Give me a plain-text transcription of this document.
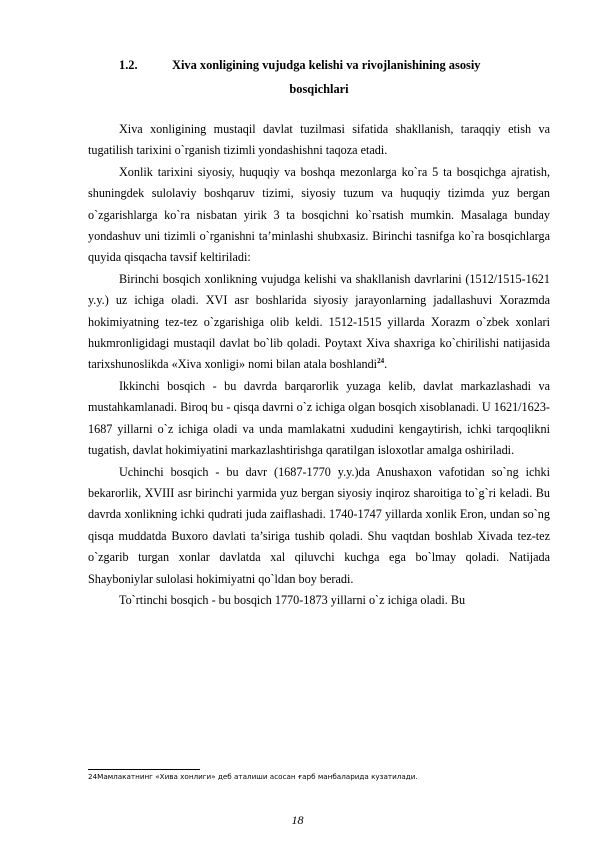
1.2.	Xiva xonligining vujudga kelishi va rivojlanishining asosiy
bosqichlari

Xiva xonligining mustaqil davlat tuzilmasi sifatida shakllanish, taraqqiy etish va tugatilish tarixini o`rganish tizimli yondashishni taqoza etadi.

Xonlik tarixini siyosiy, huquqiy va boshqa mezonlarga ko`ra 5 ta bosqichga ajratish, shuningdek sulolaviy boshqaruv tizimi, siyosiy tuzum va huquqiy tizimda yuz bergan o`zgarishlarga ko`ra nisbatan yirik 3 ta bosqichni ko`rsatish mumkin. Masalaga bunday yondashuv uni tizimli o`rganishni ta’minlashi shubxasiz. Birinchi tasnifga ko`ra bosqichlarga quyida qisqacha tavsif keltiriladi:

Birinchi bosqich xonlikning vujudga kelishi va shakllanish davrlarini (1512/1515-1621 y.y.) uz ichiga oladi. XVI asr boshlarida siyosiy jarayonlarning jadallashuvi Xorazmda hokimiyatning tez-tez o`zgarishiga olib keldi. 1512-1515 yillarda Xorazm o`zbek xonlari hukmronligidagi mustaqil davlat bo`lib qoladi. Poytaxt Xiva shaxriga ko`chirilishi natijasida tarixshunoslikda «Xiva xonligi» nomi bilan atala boshlandi$^{24}$.

Ikkinchi bosqich - bu davrda barqarorlik yuzaga kelib, davlat markazlashadi va mustahkamlanadi. Biroq bu - qisqa davrni o`z ichiga olgan bosqich xisoblanadi. U 1621/1623-1687 yillarni o`z ichiga oladi va unda mamlakatni xududini kengaytirish, ichki tarqoqlikni tugatish, davlat hokimiyatini markazlashtirishga qaratilgan isloxotlar amalga oshiriladi.

Uchinchi bosqich - bu davr (1687-1770 y.y.)da Anushaxon vafotidan so`ng ichki bekarorlik, XVIII asr birinchi yarmida yuz bergan siyosiy inqiroz sharoitiga to`g`ri keladi. Bu davrda xonlikning ichki qudrati juda zaiflashadi. 1740-1747 yillarda xonlik Eron, undan so`ng qisqa muddatda Buxoro davlati ta’siriga tushib qoladi. Shu vaqtdan boshlab Xivada tez-tez o`zgarib turgan xonlar davlatda xal qiluvchi kuchga ega bo`lmay qoladi. Natijada Shayboniylar sulolasi hokimiyatni qo`ldan boy beradi.

To`rtinchi bosqich - bu bosqich 1770-1873 yillarni o`z ichiga oladi. Bu

24Мамлакатнинг «Хива хонлиги» деб аталиши асосан ғарб манбаларида кузатилади.
18
